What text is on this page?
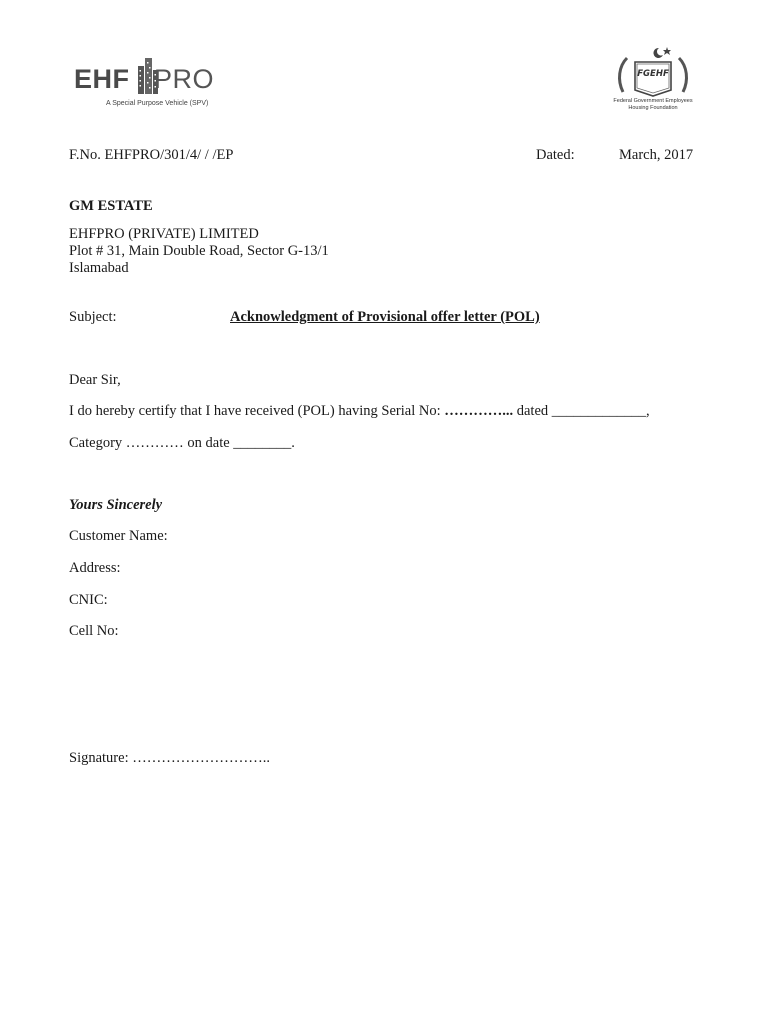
EHF PRO
A Special Purpose Vehicle (SPV)
FGEHF
Federal Government Employees
Housing Foundation
F.No. EHFPRO/301/4/ / /EP	Dated:	March, 2017
GM ESTATE
EHFPRO (PRIVATE) LIMITED
Plot # 31, Main Double Road, Sector G-13/1
Islamabad
Subject:	Acknowledgment of Provisional offer letter (POL)
Dear Sir,
I do hereby certify that I have received (POL) having Serial No: …………... dated _____________,
Category ………… on date ________.
Yours Sincerely
Customer Name:
Address:
CNIC:
Cell No:
Signature: ………………………..
